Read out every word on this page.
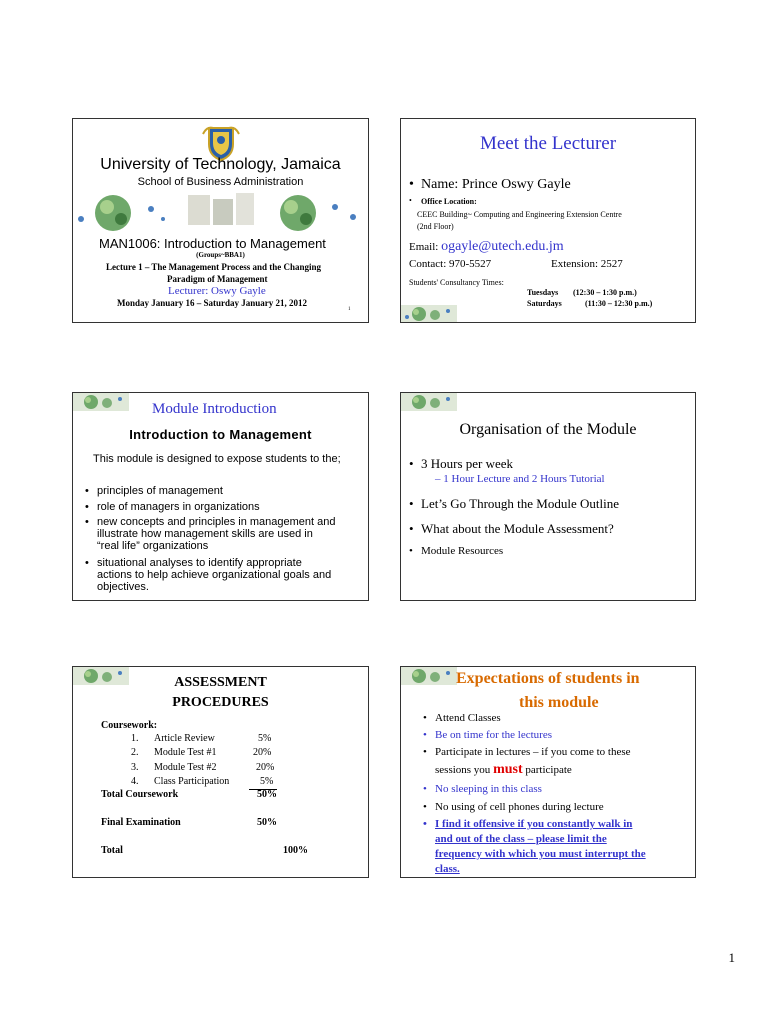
University of Technology, Jamaica
School of Business Administration
MAN1006: Introduction to Management
(Groups~BBA1)
Lecture 1 – The Management Process and the Changing
Paradigm of Management
Lecturer: Oswy Gayle
Monday January 16 – Saturday January 21, 2012
1
Meet the Lecturer
• Name: Prince Oswy Gayle
• Office Location:
CEEC Building~ Computing and Engineering Extension Centre
(2nd Floor)
Email: ogayle@utech.edu.jm
Contact: 970-5527	Extension: 2527
Students' Consultancy Times:
Tuesdays (12:30 – 1:30 p.m.)
Saturdays	(11:30 – 12:30 p.m.)
Module Introduction
Introduction to Management
This module is designed to expose students to the;
• principles of management
• role of managers in organizations
• new concepts and principles in management and
illustrate how management skills are used in
“real life” organizations
• situational analyses to identify appropriate
actions to help achieve organizational goals and
objectives.
Organisation of the Module
• 3 Hours per week
– 1 Hour Lecture and 2 Hours Tutorial
• Let’s Go Through the Module Outline
• What about the Module Assessment?
• Module Resources
ASSESSMENT
PROCEDURES
Coursework:
1. Article Review	5%
2. Module Test #1	20%
3. Module Test #2	20%
4. Class Participation	5%
Total Coursework	50%
Final Examination	50%
Total	100%
Expectations of students in
this module
• Attend Classes
• Be on time for the lectures
• Participate in lectures – if you come to these
sessions you must participate
• No sleeping in this class
• No using of cell phones during lecture
• I find it offensive if you constantly walk in
and out of the class – please limit the
frequency with which you must interrupt the
class.
1
